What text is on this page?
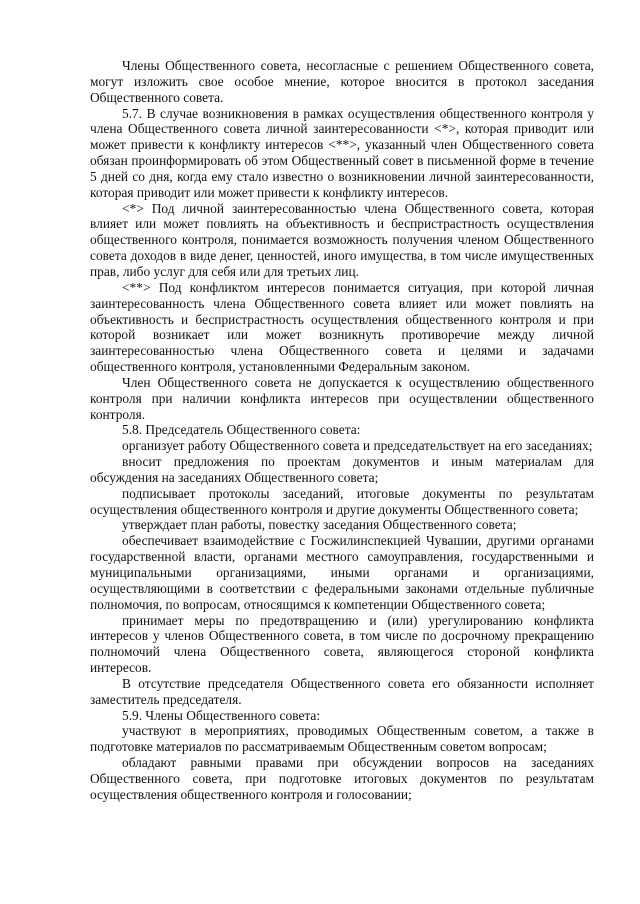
Члены Общественного совета, несогласные с решением Общественного совета, могут изложить свое особое мнение, которое вносится в протокол заседания Общественного совета.

5.7. В случае возникновения в рамках осуществления общественного контроля у члена Общественного совета личной заинтересованности <*>, которая приводит или может привести к конфликту интересов <**>, указанный член Общественного совета обязан проинформировать об этом Общественный совет в письменной форме в течение 5 дней со дня, когда ему стало известно о возникновении личной заинтересованности, которая приводит или может привести к конфликту интересов.

<*> Под личной заинтересованностью члена Общественного совета, которая влияет или может повлиять на объективность и беспристрастность осуществления общественного контроля, понимается возможность получения членом Общественного совета доходов в виде денег, ценностей, иного имущества, в том числе имущественных прав, либо услуг для себя или для третьих лиц.

<**> Под конфликтом интересов понимается ситуация, при которой личная заинтересованность члена Общественного совета влияет или может повлиять на объективность и беспристрастность осуществления общественного контроля и при которой возникает или может возникнуть противоречие между личной заинтересованностью члена Общественного совета и целями и задачами общественного контроля, установленными Федеральным законом.

Член Общественного совета не допускается к осуществлению общественного контроля при наличии конфликта интересов при осуществлении общественного контроля.

5.8. Председатель Общественного совета:

организует работу Общественного совета и председательствует на его заседаниях;

вносит предложения по проектам документов и иным материалам для обсуждения на заседаниях Общественного совета;

подписывает протоколы заседаний, итоговые документы по результатам осуществления общественного контроля и другие документы Общественного совета;

утверждает план работы, повестку заседания Общественного совета;

обеспечивает взаимодействие с Госжилинспекцией Чувашии, другими органами государственной власти, органами местного самоуправления, государственными и муниципальными организациями, иными органами и организациями, осуществляющими в соответствии с федеральными законами отдельные публичные полномочия, по вопросам, относящимся к компетенции Общественного совета;

принимает меры по предотвращению и (или) урегулированию конфликта интересов у членов Общественного совета, в том числе по досрочному прекращению полномочий члена Общественного совета, являющегося стороной конфликта интересов.

В отсутствие председателя Общественного совета его обязанности исполняет заместитель председателя.

5.9. Члены Общественного совета:

участвуют в мероприятиях, проводимых Общественным советом, а также в подготовке материалов по рассматриваемым Общественным советом вопросам;

обладают равными правами при обсуждении вопросов на заседаниях Общественного совета, при подготовке итоговых документов по результатам осуществления общественного контроля и голосовании;
